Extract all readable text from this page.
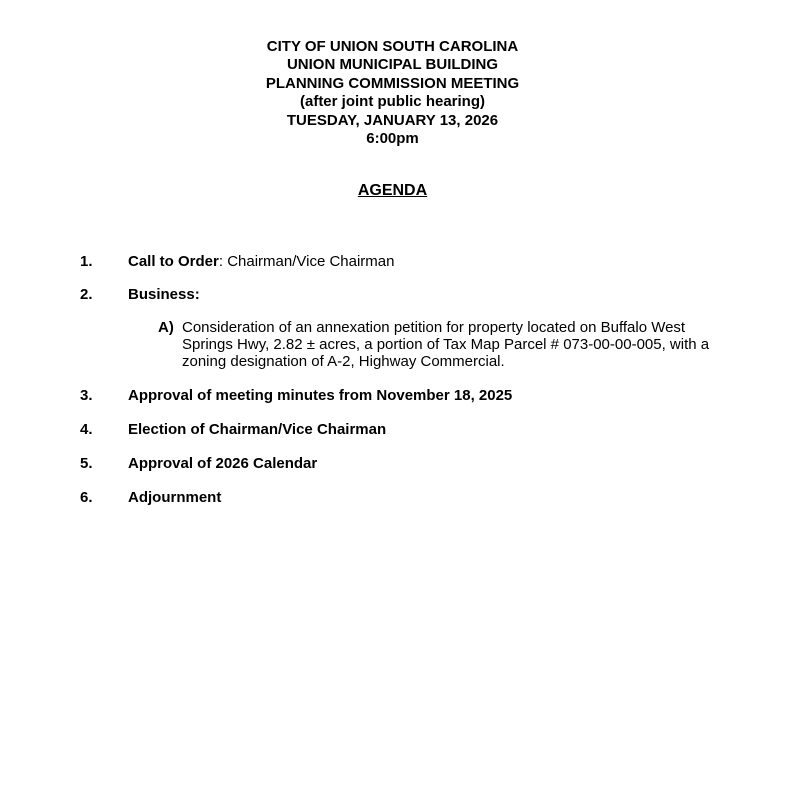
CITY OF UNION SOUTH CAROLINA
UNION MUNICIPAL BUILDING
PLANNING COMMISSION MEETING
(after joint public hearing)
TUESDAY, JANUARY 13, 2026
6:00pm
AGENDA
1. Call to Order: Chairman/Vice Chairman
2. Business:
A) Consideration of an annexation petition for property located on Buffalo West
Springs Hwy, 2.82 ± acres, a portion of Tax Map Parcel # 073-00-00-005, with a
zoning designation of A-2, Highway Commercial.
3. Approval of meeting minutes from November 18, 2025
4. Election of Chairman/Vice Chairman
5. Approval of 2026 Calendar
6. Adjournment
